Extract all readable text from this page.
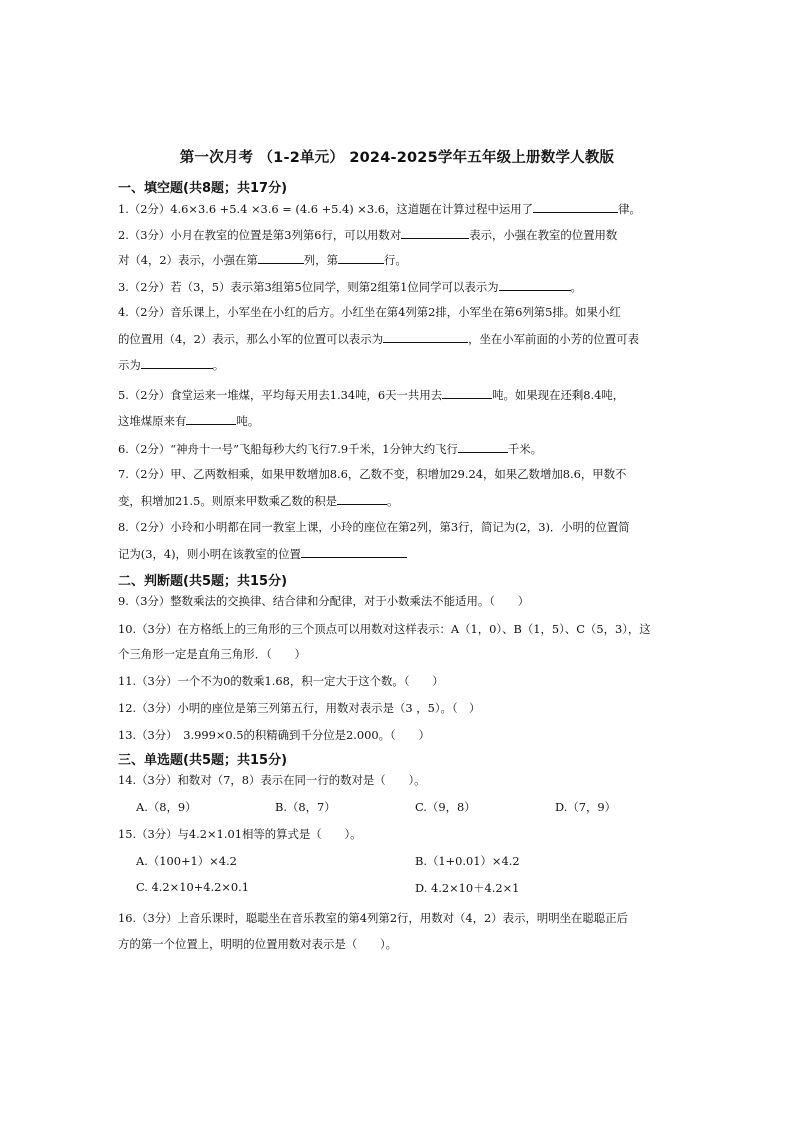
第一次月考 （1-2单元） 2024-2025学年五年级上册数学人教版
一、填空题(共8题；共17分)
1.（2分）4.6×3.6 +5.4 ×3.6 = (4.6 +5.4) ×3.6，这道题在计算过程中运用了	律。
2.（3分）小月在教室的位置是第3列第6行，可以用数对	表示，小强在教室的位置用数
对（4，2）表示，小强在第	列，第	行。
3.（2分）若（3，5）表示第3组第5位同学，则第2组第1位同学可以表示为	。
4.（2分）音乐课上，小军坐在小红的后方。小红坐在第4列第2排，小军坐在第6列第5排。如果小红
的位置用（4，2）表示，那么小军的位置可以表示为	，坐在小军前面的小芳的位置可表
示为	。
5.（2分）食堂运来一堆煤，平均每天用去1.34吨，6天一共用去	吨。如果现在还剩8.4吨，
这堆煤原来有	吨。
6.（2分）“神舟十一号”飞船每秒大约飞行7.9千米，1分钟大约飞行	千米。
7.（2分）甲、乙两数相乘，如果甲数增加8.6，乙数不变，积增加29.24，如果乙数增加8.6，甲数不
变，积增加21.5。则原来甲数乘乙数的积是	。
8.（2分）小玲和小明都在同一教室上课，小玲的座位在第2列，第3行，简记为(2，3)．小明的位置简
记为(3，4)，则小明在该教室的位置
二、判断题(共5题；共15分)
9.（3分）整数乘法的交换律、结合律和分配律，对于小数乘法不能适用。（　　）
10.（3分）在方格纸上的三角形的三个顶点可以用数对这样表示：A（1，0）、B（1，5）、C（5，3），这
个三角形一定是直角三角形．（　　）
11.（3分）一个不为0的数乘1.68，积一定大于这个数。（　　）
12.（3分）小明的座位是第三列第五行，用数对表示是（3 ，5）。（　）
13.（3分）　3.999×0.5的积精确到千分位是2.000。（　　）
三、单选题(共5题；共15分)
14.（3分）和数对（7，8）表示在同一行的数对是（　　）。
A.（8，9）	B.（8，7）	C.（9，8）	D.（7，9）
15.（3分）与4.2×1.01相等的算式是（　　）。
A.（100+1）×4.2	B.（1+0.01）×4.2
C. 4.2×10+4.2×0.1	D. 4.2×10＋4.2×1
16.（3分）上音乐课时，聪聪坐在音乐教室的第4列第2行，用数对（4，2）表示，明明坐在聪聪正后
方的第一个位置上，明明的位置用数对表示是（　　）。
